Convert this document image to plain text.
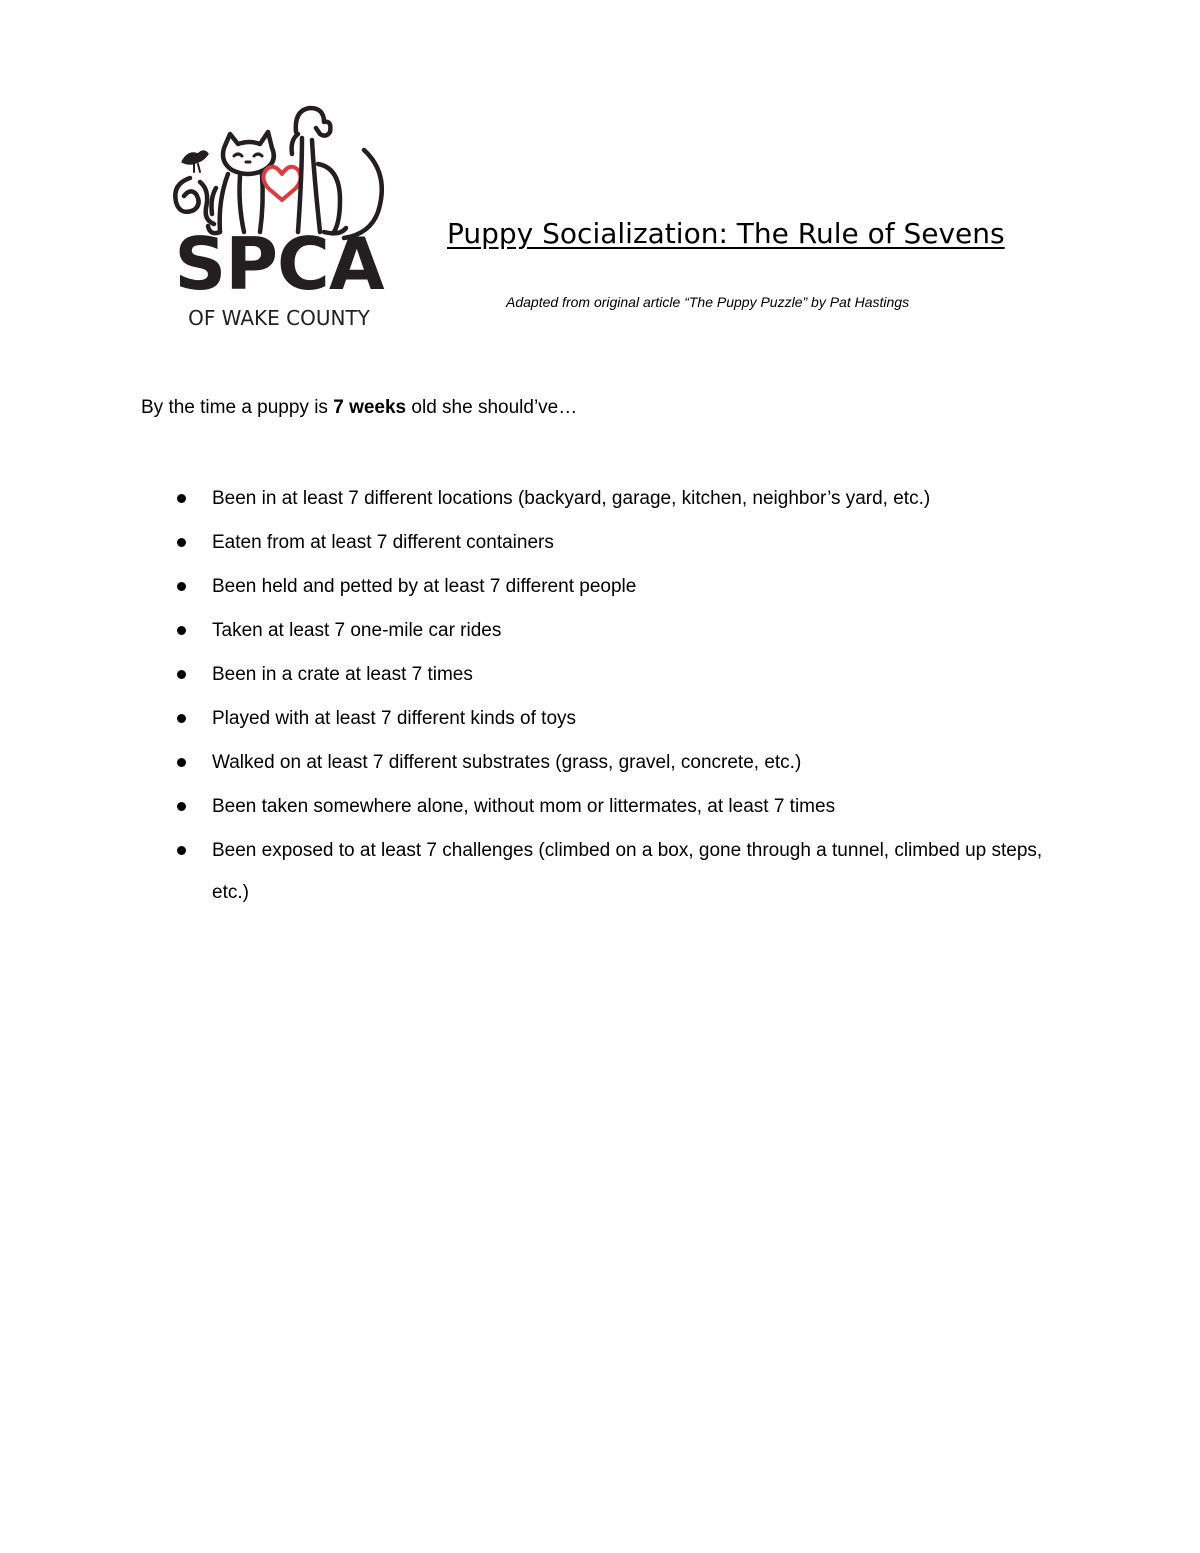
SPCA
OF WAKE COUNTY
Puppy Socialization: The Rule of Sevens
Adapted from original article “The Puppy Puzzle” by Pat Hastings
By the time a puppy is 7 weeks old she should’ve…
Been in at least 7 different locations (backyard, garage, kitchen, neighbor’s yard, etc.)
Eaten from at least 7 different containers
Been held and petted by at least 7 different people
Taken at least 7 one-mile car rides
Been in a crate at least 7 times
Played with at least 7 different kinds of toys
Walked on at least 7 different substrates (grass, gravel, concrete, etc.)
Been taken somewhere alone, without mom or littermates, at least 7 times
Been exposed to at least 7 challenges (climbed on a box, gone through a tunnel, climbed up steps, etc.)
